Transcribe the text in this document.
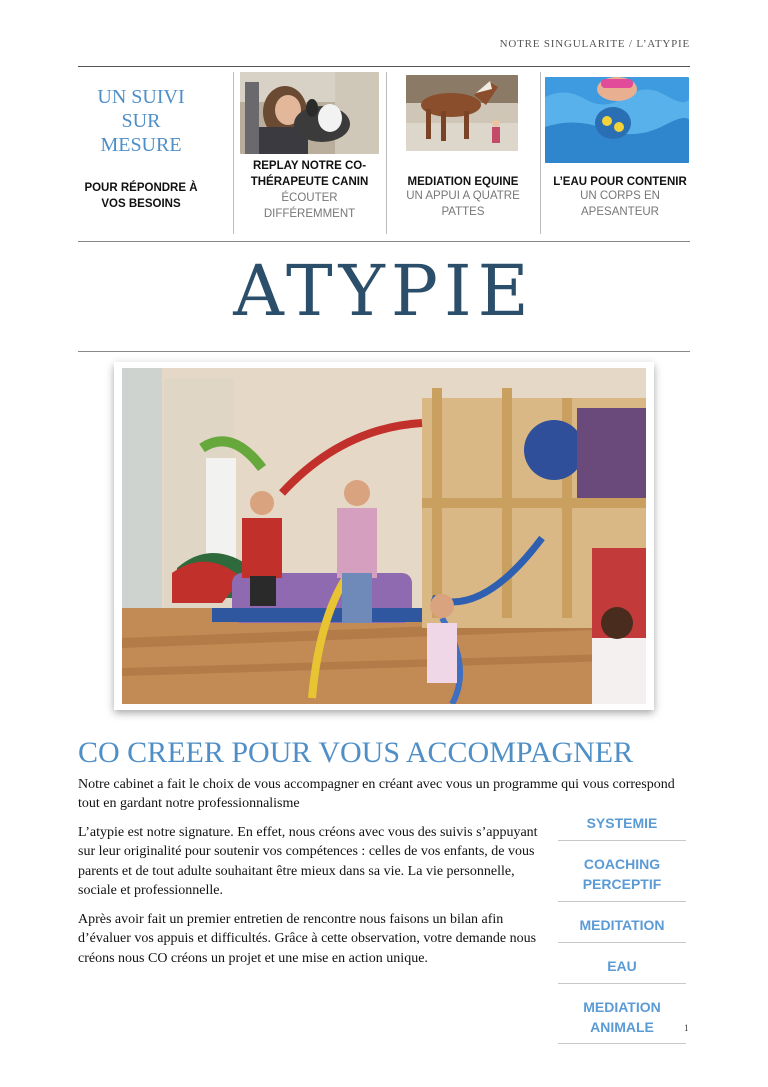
NOTRE SINGULARITE / L’ATYPIE
UN SUIVI SUR MESURE
POUR RÉPONDRE À VOS BESOINS
REPLAY NOTRE CO-THÉRAPEUTE CANIN
ÉCOUTER DIFFÉREMMENT
MEDIATION EQUINE
UN APPUI A QUATRE PATTES
L’EAU POUR CONTENIR
UN CORPS EN APESANTEUR
ATYPIE
CO CREER POUR VOUS ACCOMPAGNER
Notre cabinet a fait le choix de vous accompagner en créant avec vous un programme qui vous correspond tout en gardant notre professionnalisme
L’atypie est notre signature. En effet, nous créons avec vous des suivis s’appuyant sur leur originalité pour soutenir vos compétences : celles de vos enfants, de vous parents et de tout adulte souhaitant être mieux dans sa vie. La vie personnelle, sociale et professionnelle.
Après avoir fait un premier entretien de rencontre nous faisons un bilan afin d’évaluer vos appuis et difficultés. Grâce à cette observation, votre demande nous créons nous CO créons un projet et une mise en action unique.
SYSTEMIE
COACHING PERCEPTIF
MEDITATION
EAU
MEDIATION ANIMALE	1
